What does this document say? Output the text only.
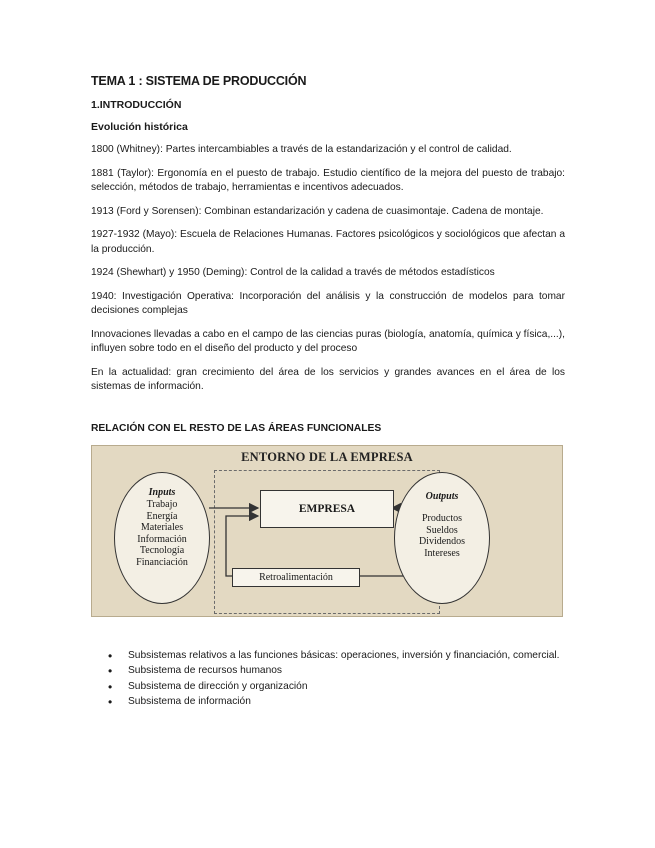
TEMA 1 : SISTEMA DE PRODUCCIÓN
1.INTRODUCCIÓN
Evolución histórica

1800 (Whitney): Partes intercambiables a través de la estandarización y el control de calidad.

1881 (Taylor): Ergonomía en el puesto de trabajo. Estudio científico de la mejora del puesto de trabajo: selección, métodos de trabajo, herramientas e incentivos adecuados.

1913 (Ford y Sorensen): Combinan estandarización y cadena de cuasimontaje. Cadena de montaje.

1927-1932 (Mayo): Escuela de Relaciones Humanas. Factores psicológicos y sociológicos que afectan a la producción.

1924 (Shewhart) y 1950 (Deming): Control de la calidad a través de métodos estadísticos

1940: Investigación Operativa: Incorporación del análisis y la construcción de modelos para tomar decisiones complejas

Innovaciones llevadas a cabo en el campo de las ciencias puras (biología, anatomía, química y física,...), influyen sobre todo en el diseño del producto y del proceso

En la actualidad: gran crecimiento del área de los servicios y grandes avances en el área de los sistemas de información.

RELACIÓN CON EL RESTO DE LAS ÁREAS FUNCIONALES
ENTORNO DE LA EMPRESA
Inputs
Trabajo
Energía
Materiales
Información
Tecnología
Financiación
EMPRESA
Retroalimentación
Outputs
Productos
Sueldos
Dividendos
Intereses
• Subsistemas relativos a las funciones básicas: operaciones, inversión y financiación, comercial.
• Subsistema de recursos humanos
• Subsistema de dirección y organización
• Subsistema de información
